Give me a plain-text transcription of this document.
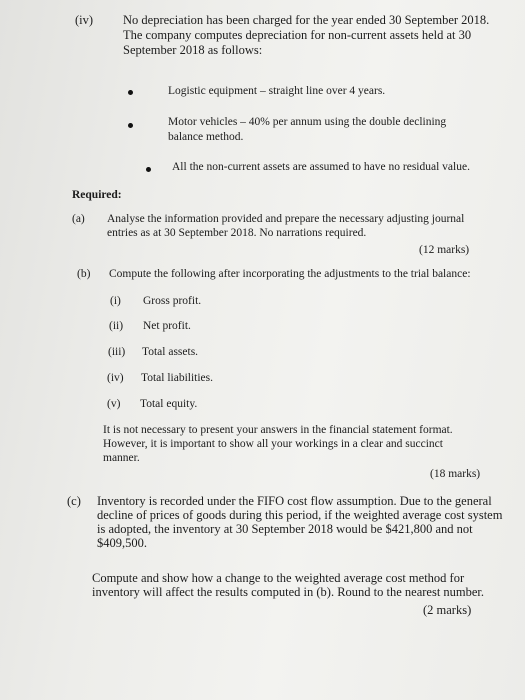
(iv) No depreciation has been charged for the year ended 30 September 2018.
The company computes depreciation for non-current assets held at 30
September 2018 as follows:
Logistic equipment – straight line over 4 years.
Motor vehicles – 40% per annum using the double declining
balance method.
All the non-current assets are assumed to have no residual value.
Required:
(a) Analyse the information provided and prepare the necessary adjusting journal
entries as at 30 September 2018. No narrations required.
(12 marks)
(b) Compute the following after incorporating the adjustments to the trial balance:
(i) Gross profit.
(ii) Net profit.
(iii) Total assets.
(iv) Total liabilities.
(v) Total equity.
It is not necessary to present your answers in the financial statement format.
However, it is important to show all your workings in a clear and succinct
manner.
(18 marks)
(c) Inventory is recorded under the FIFO cost flow assumption. Due to the general
decline of prices of goods during this period, if the weighted average cost system
is adopted, the inventory at 30 September 2018 would be $421,800 and not
$409,500.
Compute and show how a change to the weighted average cost method for
inventory will affect the results computed in (b). Round to the nearest number.
(2 marks)
